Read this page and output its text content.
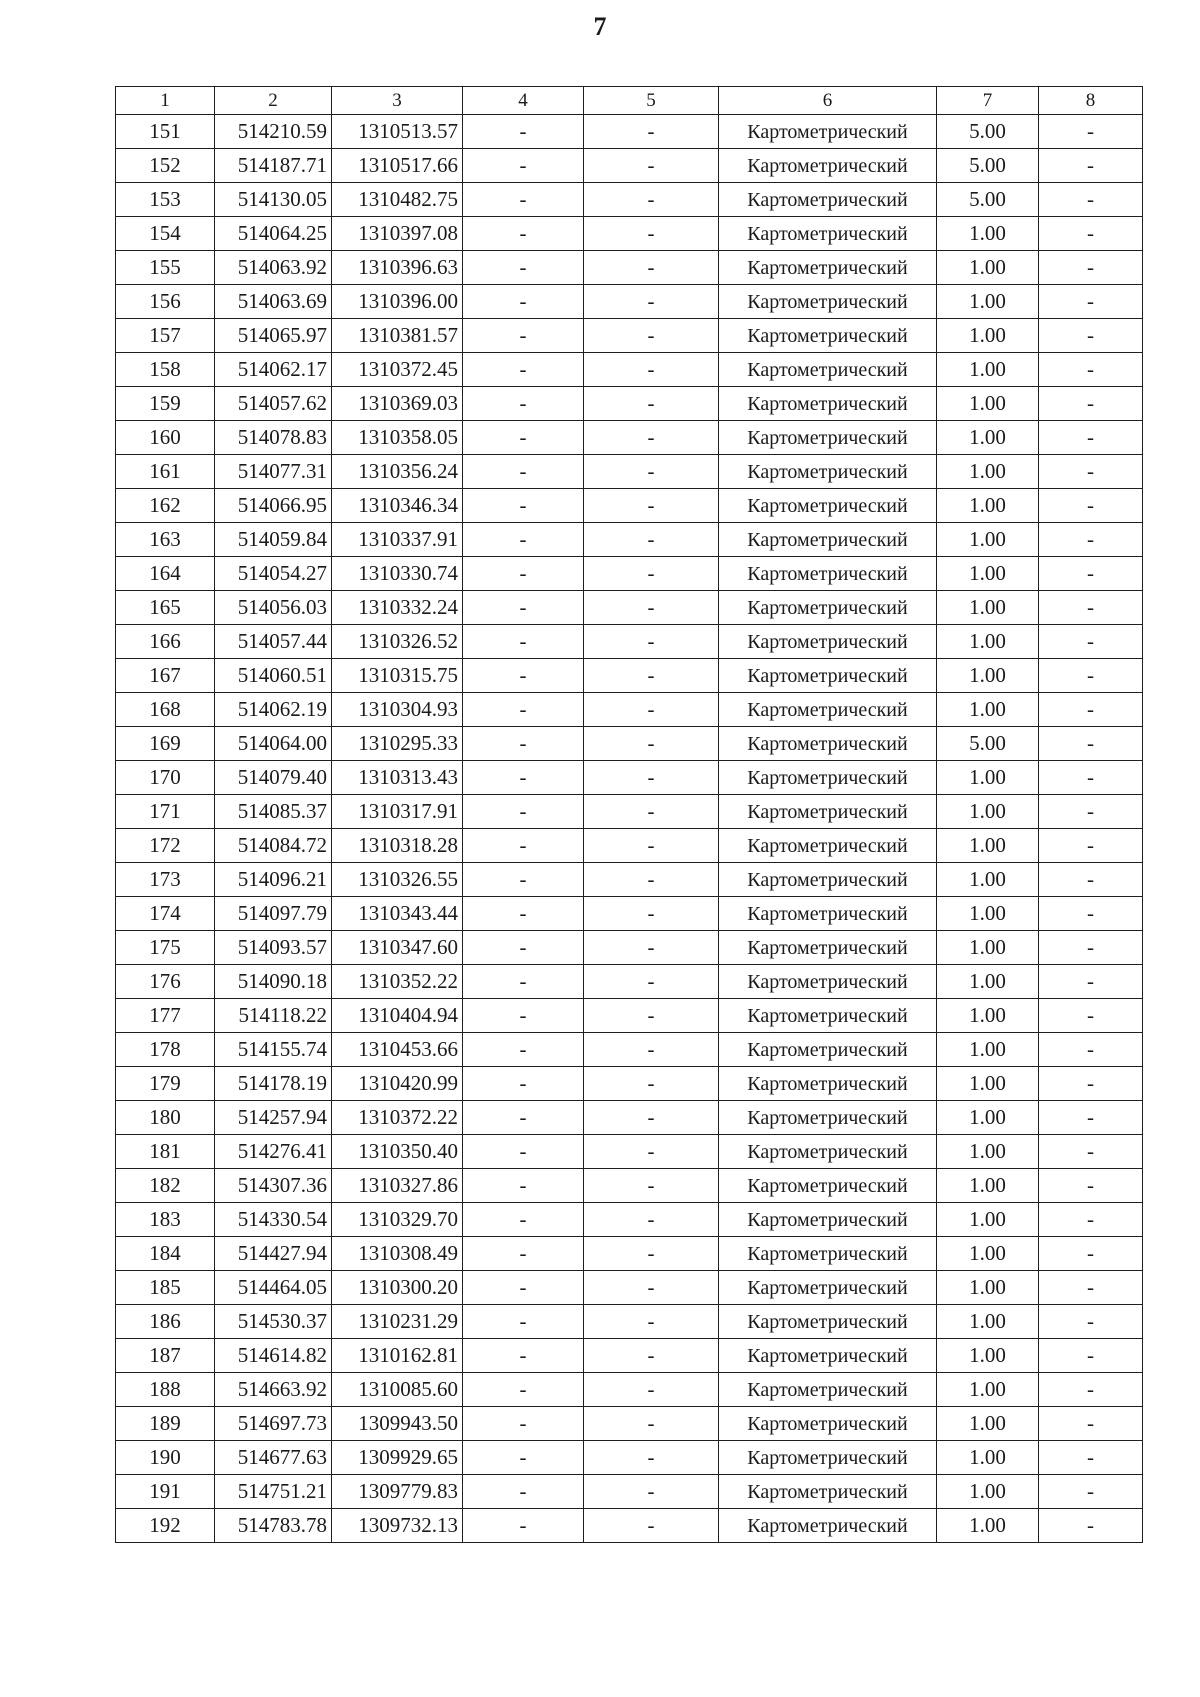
7
1	2	3	4	5	6	7	8
151	514210.59	1310513.57	-	-	Картометрический	5.00	-
152	514187.71	1310517.66	-	-	Картометрический	5.00	-
153	514130.05	1310482.75	-	-	Картометрический	5.00	-
154	514064.25	1310397.08	-	-	Картометрический	1.00	-
155	514063.92	1310396.63	-	-	Картометрический	1.00	-
156	514063.69	1310396.00	-	-	Картометрический	1.00	-
157	514065.97	1310381.57	-	-	Картометрический	1.00	-
158	514062.17	1310372.45	-	-	Картометрический	1.00	-
159	514057.62	1310369.03	-	-	Картометрический	1.00	-
160	514078.83	1310358.05	-	-	Картометрический	1.00	-
161	514077.31	1310356.24	-	-	Картометрический	1.00	-
162	514066.95	1310346.34	-	-	Картометрический	1.00	-
163	514059.84	1310337.91	-	-	Картометрический	1.00	-
164	514054.27	1310330.74	-	-	Картометрический	1.00	-
165	514056.03	1310332.24	-	-	Картометрический	1.00	-
166	514057.44	1310326.52	-	-	Картометрический	1.00	-
167	514060.51	1310315.75	-	-	Картометрический	1.00	-
168	514062.19	1310304.93	-	-	Картометрический	1.00	-
169	514064.00	1310295.33	-	-	Картометрический	5.00	-
170	514079.40	1310313.43	-	-	Картометрический	1.00	-
171	514085.37	1310317.91	-	-	Картометрический	1.00	-
172	514084.72	1310318.28	-	-	Картометрический	1.00	-
173	514096.21	1310326.55	-	-	Картометрический	1.00	-
174	514097.79	1310343.44	-	-	Картометрический	1.00	-
175	514093.57	1310347.60	-	-	Картометрический	1.00	-
176	514090.18	1310352.22	-	-	Картометрический	1.00	-
177	514118.22	1310404.94	-	-	Картометрический	1.00	-
178	514155.74	1310453.66	-	-	Картометрический	1.00	-
179	514178.19	1310420.99	-	-	Картометрический	1.00	-
180	514257.94	1310372.22	-	-	Картометрический	1.00	-
181	514276.41	1310350.40	-	-	Картометрический	1.00	-
182	514307.36	1310327.86	-	-	Картометрический	1.00	-
183	514330.54	1310329.70	-	-	Картометрический	1.00	-
184	514427.94	1310308.49	-	-	Картометрический	1.00	-
185	514464.05	1310300.20	-	-	Картометрический	1.00	-
186	514530.37	1310231.29	-	-	Картометрический	1.00	-
187	514614.82	1310162.81	-	-	Картометрический	1.00	-
188	514663.92	1310085.60	-	-	Картометрический	1.00	-
189	514697.73	1309943.50	-	-	Картометрический	1.00	-
190	514677.63	1309929.65	-	-	Картометрический	1.00	-
191	514751.21	1309779.83	-	-	Картометрический	1.00	-
192	514783.78	1309732.13	-	-	Картометрический	1.00	-
